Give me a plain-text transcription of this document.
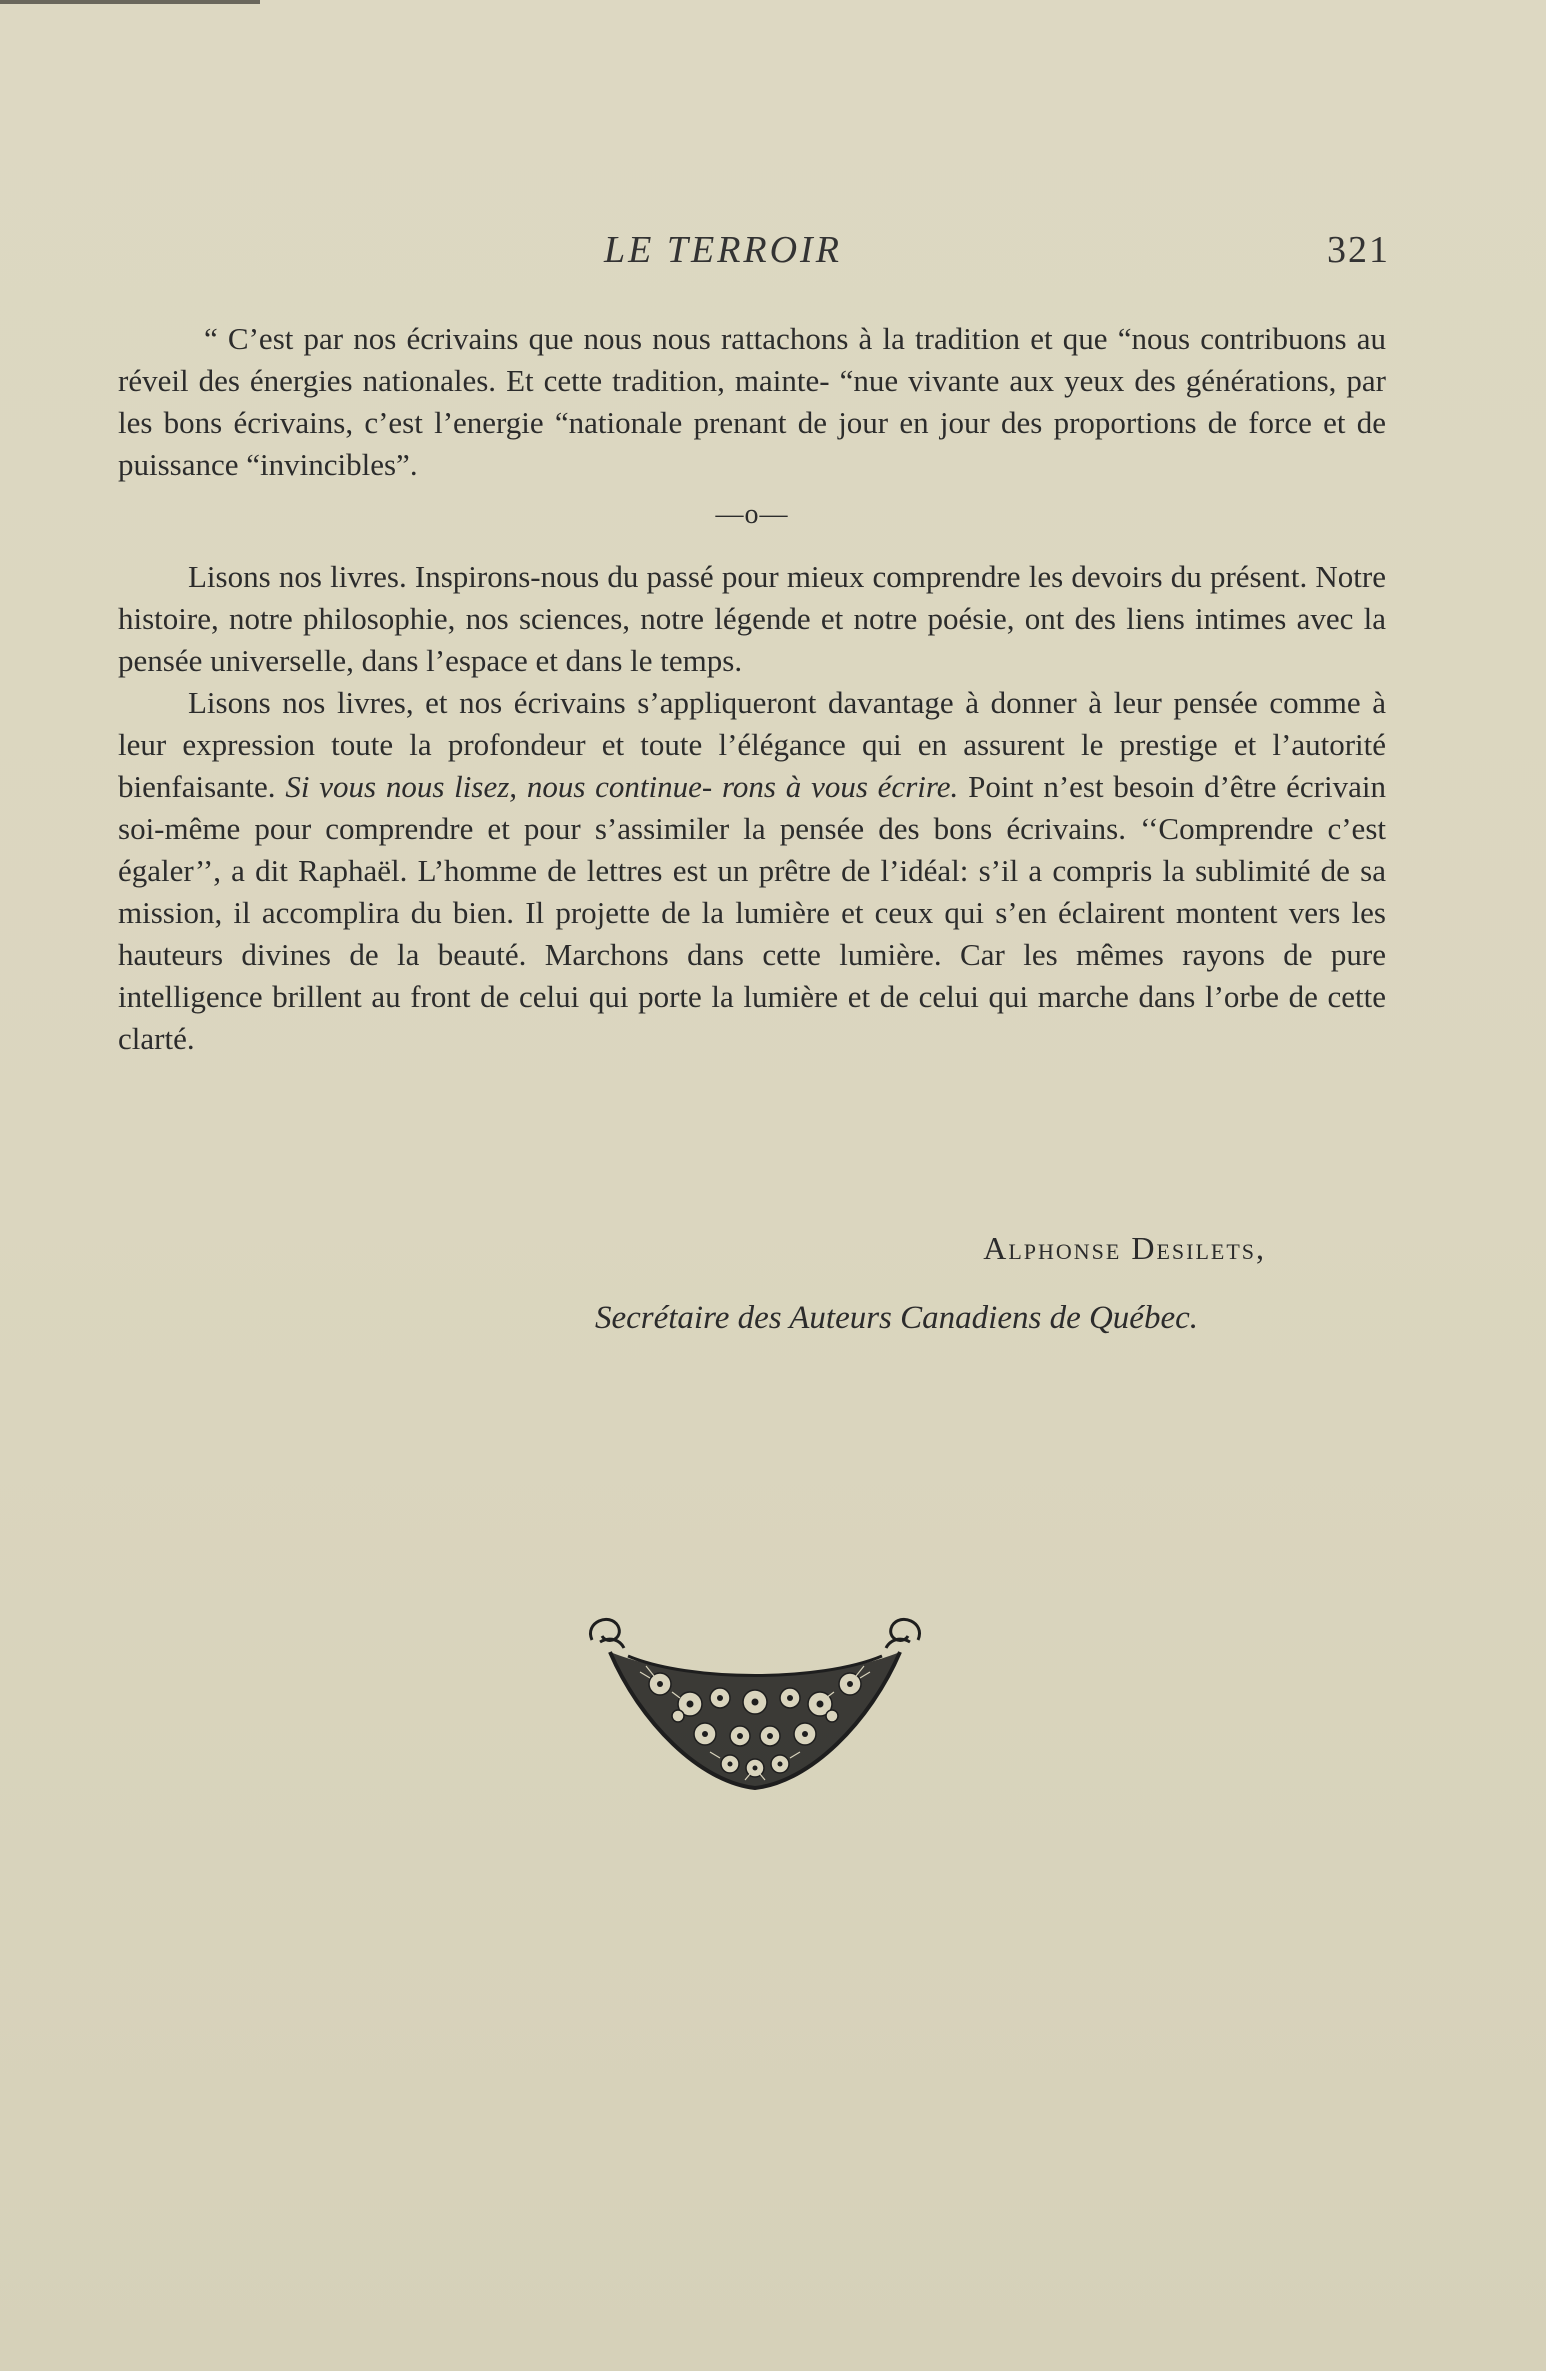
LE TERROIR	321

“ C’est par nos écrivains que nous nous rattachons à la tradition et que “nous contribuons au réveil des énergies nationales. Et cette tradition, mainte- “nue vivante aux yeux des générations, par les bons écrivains, c’est l’energie “nationale prenant de jour en jour des proportions de force et de puissance “invincibles”.

—o—

Lisons nos livres. Inspirons-nous du passé pour mieux comprendre les devoirs du présent. Notre histoire, notre philosophie, nos sciences, notre légende et notre poésie, ont des liens intimes avec la pensée universelle, dans l’espace et dans le temps.

Lisons nos livres, et nos écrivains s’appliqueront davantage à donner à leur pensée comme à leur expression toute la profondeur et toute l’élégance qui en assurent le prestige et l’autorité bienfaisante. Si vous nous lisez, nous continue- rons à vous écrire. Point n’est besoin d’être écrivain soi-même pour comprendre et pour s’assimiler la pensée des bons écrivains. ‘‘Comprendre c’est égaler’’, a dit Raphaël. L’homme de lettres est un prêtre de l’idéal: s’il a compris la sublimité de sa mission, il accomplira du bien. Il projette de la lumière et ceux qui s’en éclairent montent vers les hauteurs divines de la beauté. Marchons dans cette lumière. Car les mêmes rayons de pure intelligence brillent au front de celui qui porte la lumière et de celui qui marche dans l’orbe de cette clarté.

Alphonse Desilets,
Secrétaire des Auteurs Canadiens de Québec.
